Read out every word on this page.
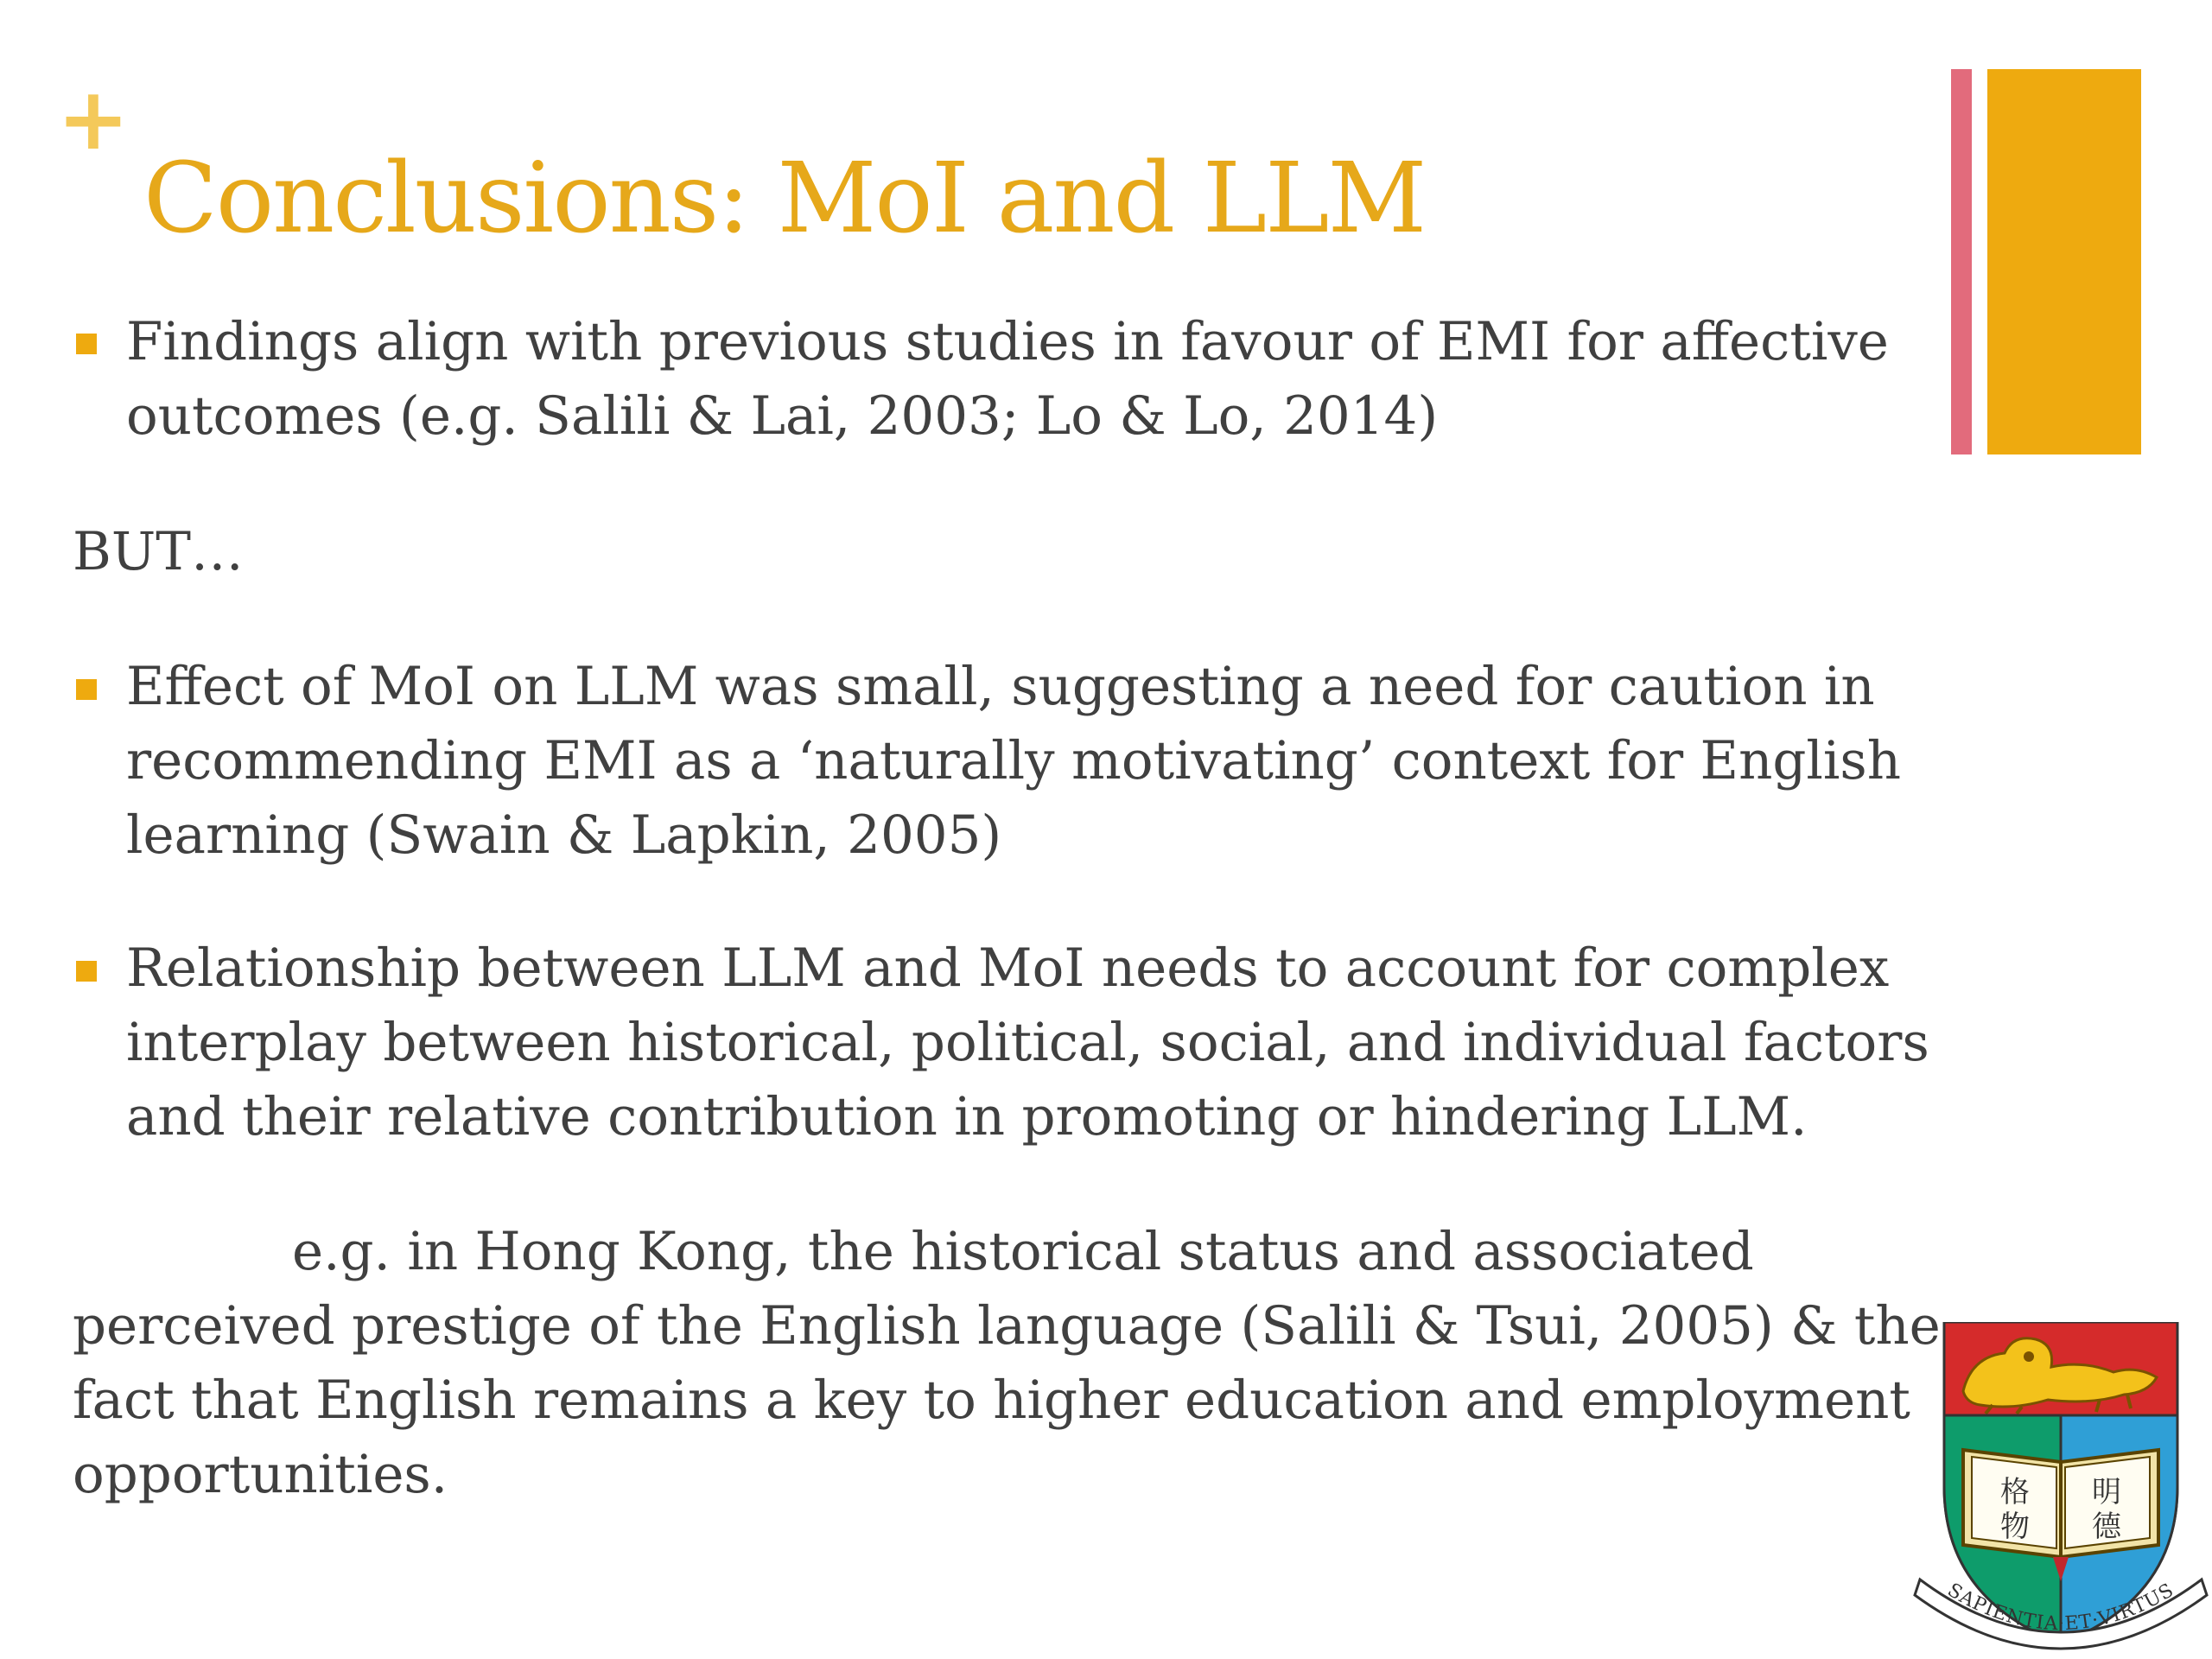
+
Conclusions: MoI and LLM
Findings align with previous studies in favour of EMI for affective
outcomes (e.g. Salili & Lai, 2003; Lo & Lo, 2014)
BUT…
Effect of MoI on LLM was small, suggesting a need for caution in
recommending EMI as a ‘naturally motivating’ context for English
learning (Swain & Lapkin, 2005)
Relationship between LLM and MoI needs to account for complex
interplay between historical, political, social, and individual factors
and their relative contribution in promoting or hindering LLM.
e.g. in Hong Kong, the historical status and associated
perceived prestige of the English language (Salili & Tsui, 2005) & the
fact that English remains a key to higher education and employment
opportunities.	格 明
物 德
SAPIENTIA·ET·VIRTUS
